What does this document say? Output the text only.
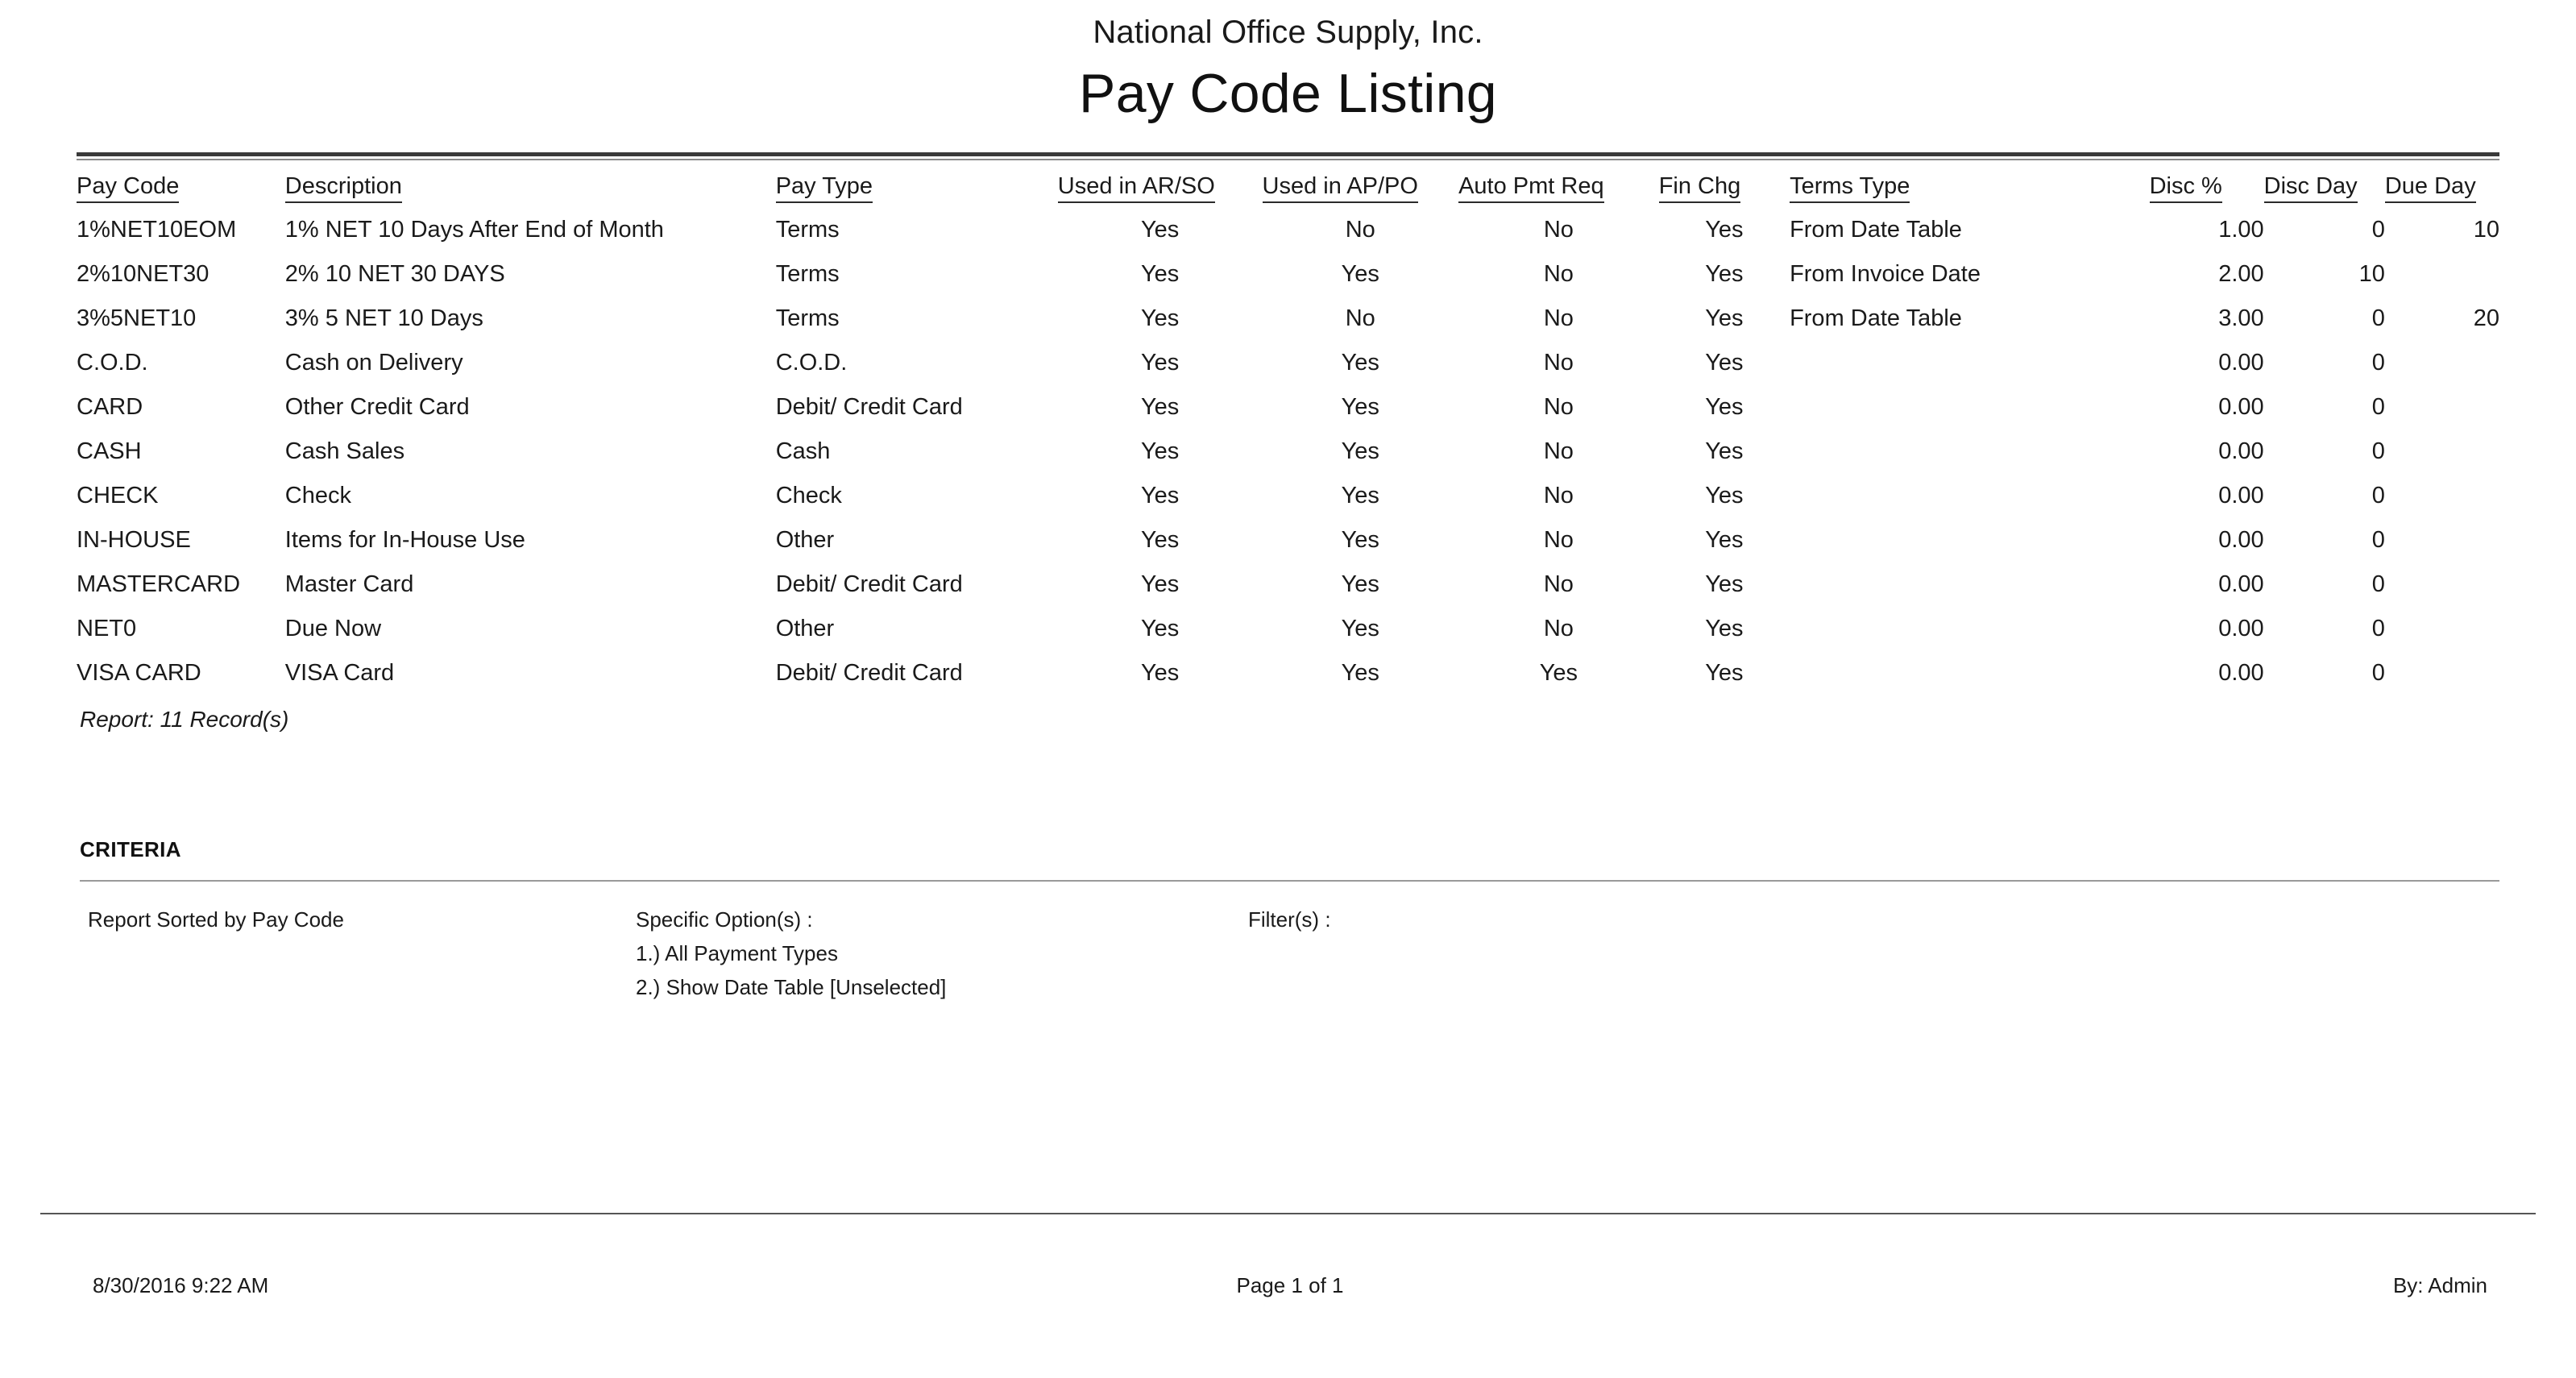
National Office Supply, Inc.
Pay Code Listing
Pay Code	Description	Pay Type	Used in AR/SO	Used in AP/PO	Auto Pmt Req	Fin Chg	Terms Type	Disc %	Disc Day	Due Day
1%NET10EOM	1% NET 10 Days After End of Month	Terms	Yes	No	No	Yes	From Date Table	1.00	0	10
2%10NET30	2% 10 NET 30 DAYS	Terms	Yes	Yes	No	Yes	From Invoice Date	2.00	10	
3%5NET10	3% 5 NET 10 Days	Terms	Yes	No	No	Yes	From Date Table	3.00	0	20
C.O.D.	Cash on Delivery	C.O.D.	Yes	Yes	No	Yes		0.00	0	
CARD	Other Credit Card	Debit/ Credit Card	Yes	Yes	No	Yes		0.00	0	
CASH	Cash Sales	Cash	Yes	Yes	No	Yes		0.00	0	
CHECK	Check	Check	Yes	Yes	No	Yes		0.00	0	
IN-HOUSE	Items for In-House Use	Other	Yes	Yes	No	Yes		0.00	0	
MASTERCARD	Master Card	Debit/ Credit Card	Yes	Yes	No	Yes		0.00	0	
NET0	Due Now	Other	Yes	Yes	No	Yes		0.00	0	
VISA CARD	VISA Card	Debit/ Credit Card	Yes	Yes	Yes	Yes		0.00	0	
Report: 11 Record(s)
CRITERIA
Report Sorted by Pay Code	Specific Option(s) :
1.) All Payment Types
2.) Show Date Table [Unselected]
Filter(s) :
8/30/2016 9:22 AM	Page 1 of 1	By: Admin
